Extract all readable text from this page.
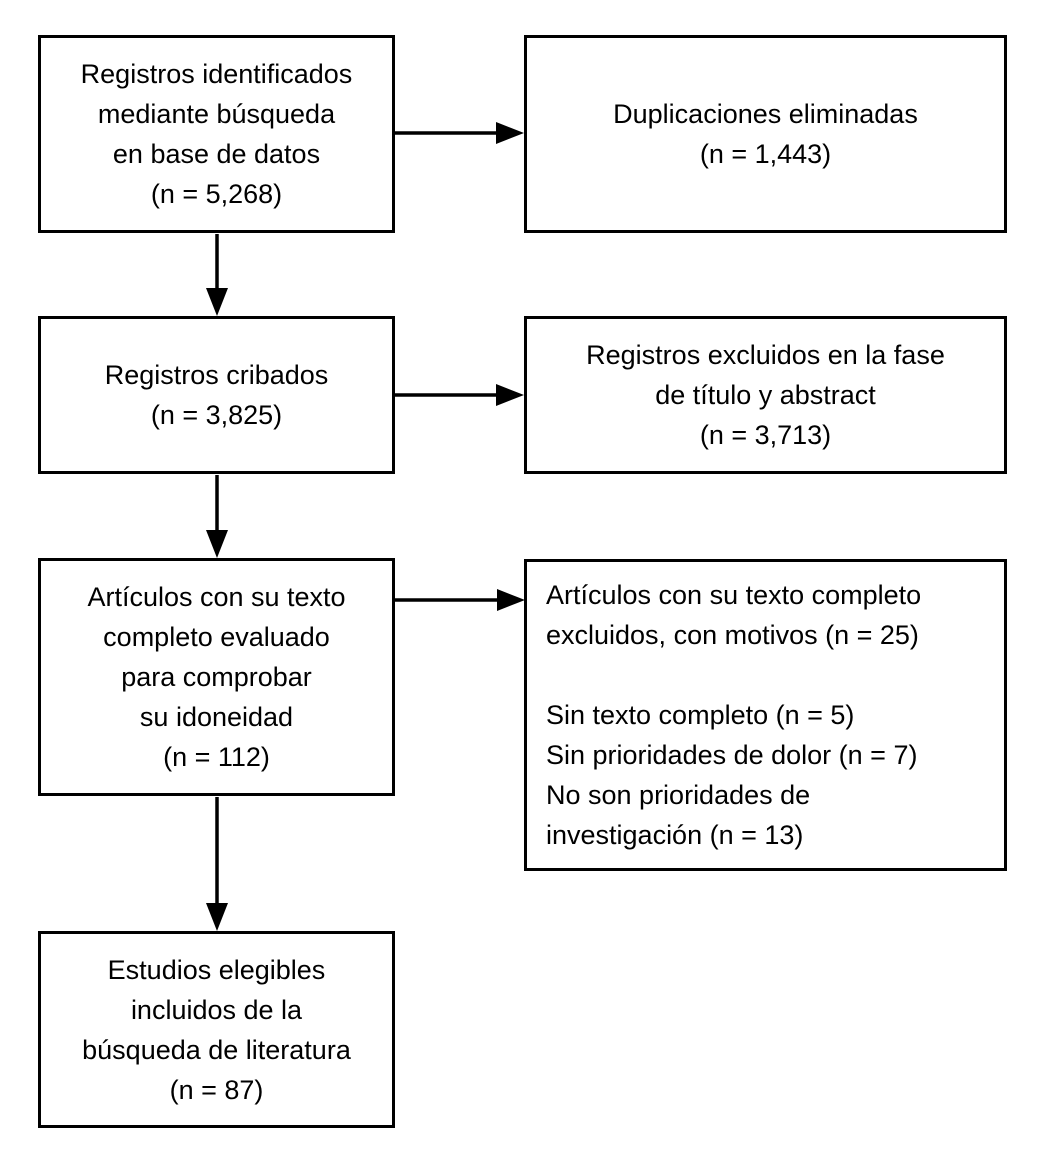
Registros identificados
mediante búsqueda
en base de datos
(n = 5,268)
Duplicaciones eliminadas
(n = 1,443)
Registros cribados
(n = 3,825)
Registros excluidos en la fase
de título y abstract
(n = 3,713)
Artículos con su texto
completo evaluado
para comprobar
su idoneidad
(n = 112)
Artículos con su texto completo
excluidos, con motivos (n = 25)

Sin texto completo (n = 5)
Sin prioridades de dolor (n = 7)
No son prioridades de
investigación (n = 13)
Estudios elegibles
incluidos de la
búsqueda de literatura
(n = 87)
